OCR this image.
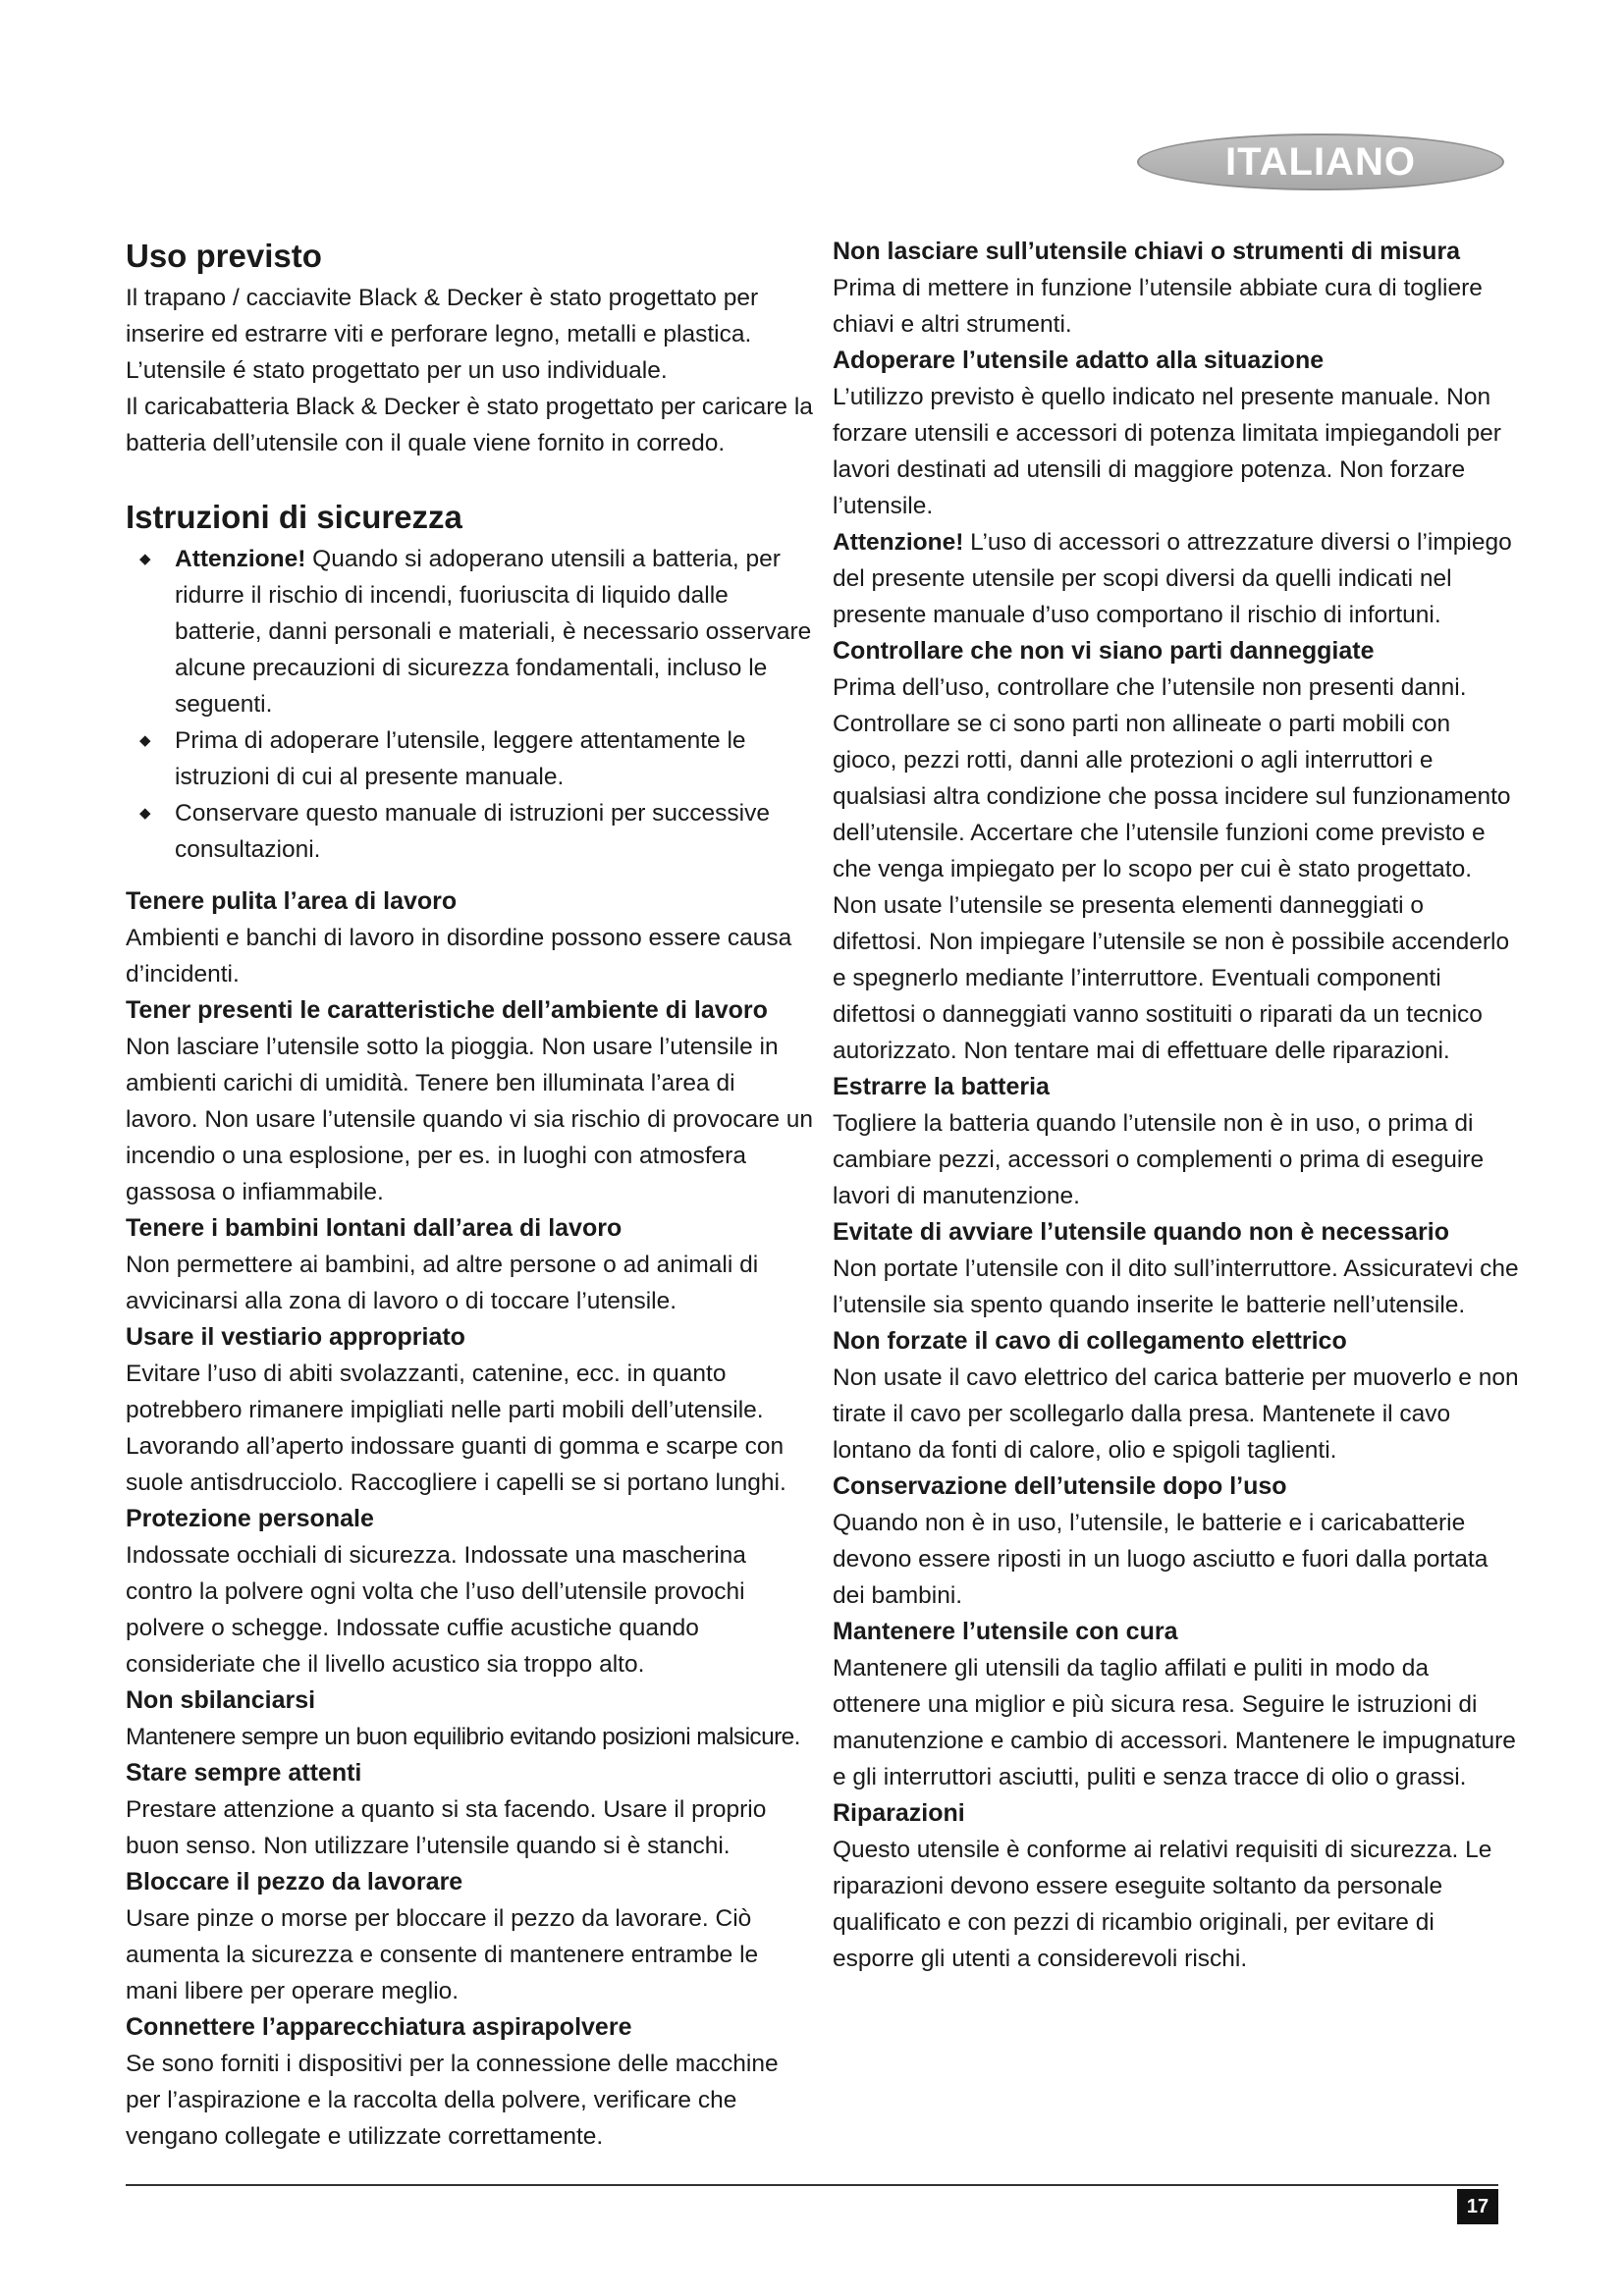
ITALIANO
Uso previsto

Il trapano / cacciavite Black & Decker è stato progettato per inserire ed estrarre viti e perforare legno, metalli e plastica. L’utensile é stato progettato per un uso individuale.

Il caricabatteria Black & Decker è stato progettato per caricare la batteria dell’utensile con il quale viene fornito in corredo.

Istruzioni di sicurezza
◆ Attenzione! Quando si adoperano utensili a batteria, per ridurre il rischio di incendi, fuoriuscita di liquido dalle batterie, danni personali e materiali, è necessario osservare alcune precauzioni di sicurezza fondamentali, incluso le seguenti.
◆ Prima di adoperare l’utensile, leggere attentamente le istruzioni di cui al presente manuale.
◆ Conservare questo manuale di istruzioni per successive consultazioni.
Tenere pulita l’area di lavoro

Ambienti e banchi di lavoro in disordine possono essere causa d’incidenti.

Tener presenti le caratteristiche dell’ambiente di lavoro

Non lasciare l’utensile sotto la pioggia. Non usare l’utensile in ambienti carichi di umidità. Tenere ben illuminata l’area di lavoro. Non usare l’utensile quando vi sia rischio di provocare un incendio o una esplosione, per es. in luoghi con atmosfera gassosa o infiammabile.

Tenere i bambini lontani dall’area di lavoro

Non permettere ai bambini, ad altre persone o ad animali di avvicinarsi alla zona di lavoro o di toccare l’utensile.

Usare il vestiario appropriato

Evitare l’uso di abiti svolazzanti, catenine, ecc. in quanto potrebbero rimanere impigliati nelle parti mobili dell’utensile. Lavorando all’aperto indossare guanti di gomma e scarpe con suole antisdrucciolo. Raccogliere i capelli se si portano lunghi.

Protezione personale

Indossate occhiali di sicurezza. Indossate una mascherina contro la polvere ogni volta che l’uso dell’utensile provochi polvere o schegge. Indossate cuffie acustiche quando consideriate che il livello acustico sia troppo alto.

Non sbilanciarsi

Mantenere sempre un buon equilibrio evitando posizioni malsicure.

Stare sempre attenti

Prestare attenzione a quanto si sta facendo. Usare il proprio buon senso. Non utilizzare l’utensile quando si è stanchi.

Bloccare il pezzo da lavorare

Usare pinze o morse per bloccare il pezzo da lavorare. Ciò aumenta la sicurezza e consente di mantenere entrambe le mani libere per operare meglio.

Connettere l’apparecchiatura aspirapolvere

Se sono forniti i dispositivi per la connessione delle macchine per l’aspirazione e la raccolta della polvere, verificare che vengano collegate e utilizzate correttamente.

Non lasciare sull’utensile chiavi o strumenti di misura

Prima di mettere in funzione l’utensile abbiate cura di togliere chiavi e altri strumenti.

Adoperare l’utensile adatto alla situazione

L’utilizzo previsto è quello indicato nel presente manuale. Non forzare utensili e accessori di potenza limitata impiegandoli per lavori destinati ad utensili di maggiore potenza. Non forzare l’utensile.

Attenzione! L’uso di accessori o attrezzature diversi o l’impiego del presente utensile per scopi diversi da quelli indicati nel presente manuale d’uso comportano il rischio di infortuni.

Controllare che non vi siano parti danneggiate

Prima dell’uso, controllare che l’utensile non presenti danni. Controllare se ci sono parti non allineate o parti mobili con gioco, pezzi rotti, danni alle protezioni o agli interruttori e qualsiasi altra condizione che possa incidere sul funzionamento dell’utensile. Accertare che l’utensile funzioni come previsto e che venga impiegato per lo scopo per cui è stato progettato. Non usate l’utensile se presenta elementi danneggiati o difettosi. Non impiegare l’utensile se non è possibile accenderlo e spegnerlo mediante l’interruttore. Eventuali componenti difettosi o danneggiati vanno sostituiti o riparati da un tecnico autorizzato. Non tentare mai di effettuare delle riparazioni.

Estrarre la batteria

Togliere la batteria quando l’utensile non è in uso, o prima di cambiare pezzi, accessori o complementi o prima di eseguire lavori di manutenzione.

Evitate di avviare l’utensile quando non è necessario

Non portate l’utensile con il dito sull’interruttore. Assicuratevi che l’utensile sia spento quando inserite le batterie nell’utensile.

Non forzate il cavo di collegamento elettrico

Non usate il cavo elettrico del carica batterie per muoverlo e non tirate il cavo per scollegarlo dalla presa. Mantenete il cavo lontano da fonti di calore, olio e spigoli taglienti.

Conservazione dell’utensile dopo l’uso

Quando non è in uso, l’utensile, le batterie e i caricabatterie devono essere riposti in un luogo asciutto e fuori dalla portata dei bambini.

Mantenere l’utensile con cura

Mantenere gli utensili da taglio affilati e puliti in modo da ottenere una miglior e più sicura resa. Seguire le istruzioni di manutenzione e cambio di accessori. Mantenere le impugnature e gli interruttori asciutti, puliti e senza tracce di olio o grassi.

Riparazioni

Questo utensile è conforme ai relativi requisiti di sicurezza. Le riparazioni devono essere eseguite soltanto da personale qualificato e con pezzi di ricambio originali, per evitare di esporre gli utenti a considerevoli rischi.

17
